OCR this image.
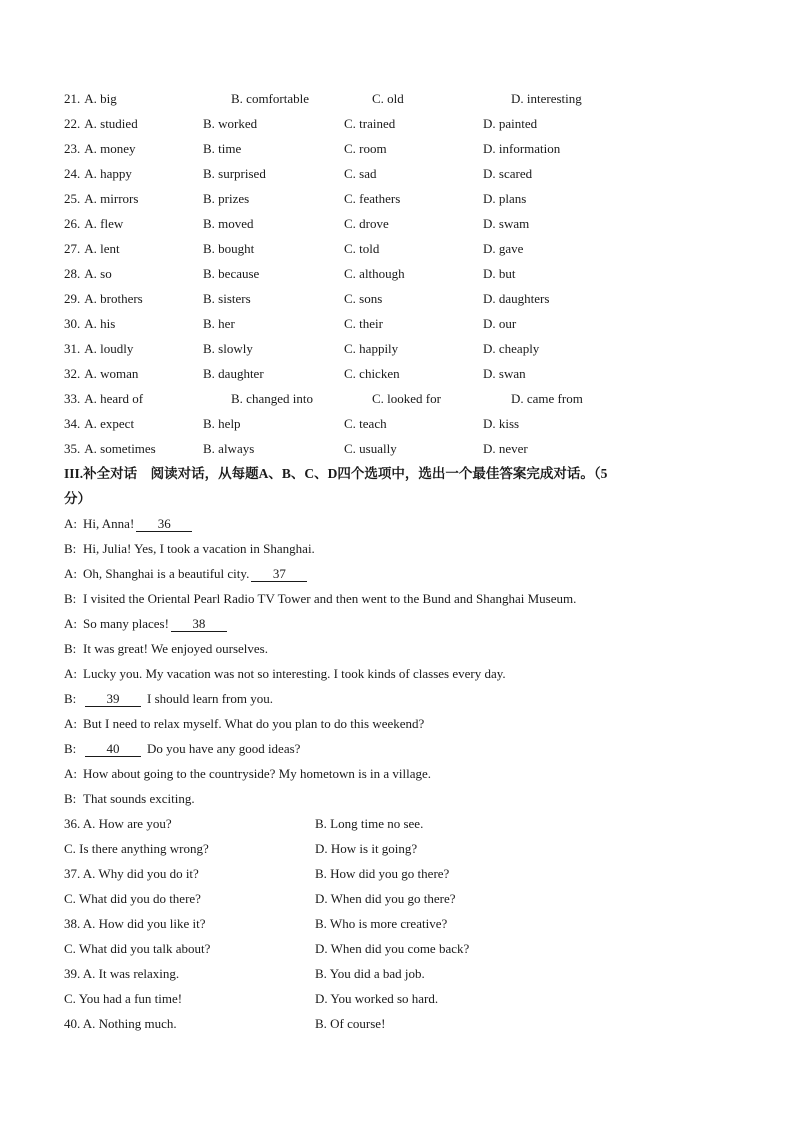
21. A. big	B. comfortable	C. old	D. interesting
22. A. studied	B. worked	C. trained	D. painted
23. A. money	B. time	C. room	D. information
24. A. happy	B. surprised	C. sad	D. scared
25. A. mirrors	B. prizes	C. feathers	D. plans
26. A. flew	B. moved	C. drove	D. swam
27. A. lent	B. bought	C. told	D. gave
28. A. so	B. because	C. although	D. but
29. A. brothers	B. sisters	C. sons	D. daughters
30. A. his	B. her	C. their	D. our
31. A. loudly	B. slowly	C. happily	D. cheaply
32. A. woman	B. daughter	C. chicken	D. swan
33. A. heard of	B. changed into	C. looked for	D. came from
34. A. expect	B. help	C. teach	D. kiss
35. A. sometimes	B. always	C. usually	D. never
III.补全对话　阅读对话，从每题A、B、C、D四个选项中，选出一个最佳答案完成对话。（5
分）
A: Hi, Anna! 36
B: Hi, Julia! Yes, I took a vacation in Shanghai.
A: Oh, Shanghai is a beautiful city. 37
B: I visited the Oriental Pearl Radio TV Tower and then went to the Bund and Shanghai Museum.
A: So many places! 38
B: It was great! We enjoyed ourselves.
A: Lucky you. My vacation was not so interesting. I took kinds of classes every day.
B: 39 I should learn from you.
A: But I need to relax myself. What do you plan to do this weekend?
B: 40 Do you have any good ideas?
A: How about going to the countryside? My hometown is in a village.
B: That sounds exciting.
36. A. How are you?	B. Long time no see.
C. Is there anything wrong?	D. How is it going?
37. A. Why did you do it?	B. How did you go there?
C. What did you do there?	D. When did you go there?
38. A. How did you like it?	B. Who is more creative?
C. What did you talk about?	D. When did you come back?
39. A. It was relaxing.	B. You did a bad job.
C. You had a fun time!	D. You worked so hard.
40. A. Nothing much.	B. Of course!
